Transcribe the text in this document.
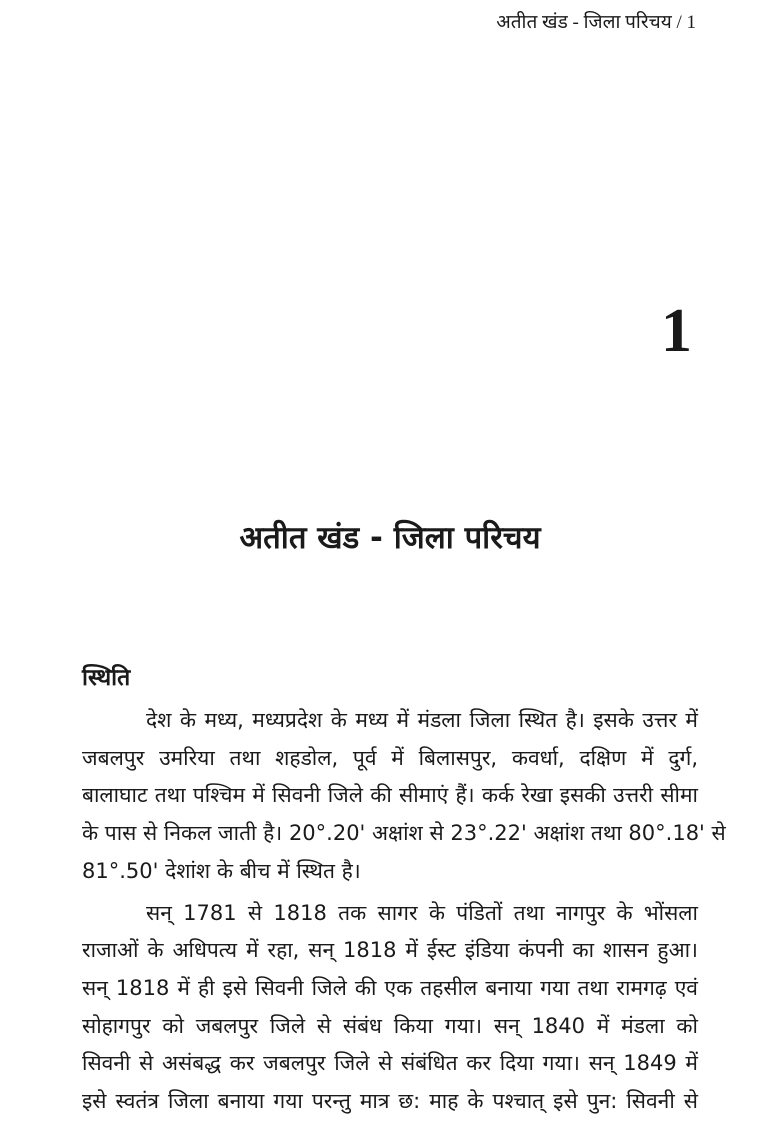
अतीत खंड - जिला परिचय / 1
1
अतीत खंड - जिला परिचय
स्थिति
देश के मध्य, मध्यप्रदेश के मध्य में मंडला जिला स्थित है। इसके उत्तर में
जबलपुर उमरिया तथा शहडोल, पूर्व में बिलासपुर, कवर्धा, दक्षिण में दुर्ग,
बालाघाट तथा पश्चिम में सिवनी जिले की सीमाएं हैं। कर्क रेखा इसकी उत्तरी सीमा
के पास से निकल जाती है। 20°.20' अक्षांश से 23°.22' अक्षांश तथा 80°.18' से
81°.50' देशांश के बीच में स्थित है।
सन् 1781 से 1818 तक सागर के पंडितों तथा नागपुर के भोंसला
राजाओं के अधिपत्य में रहा, सन् 1818 में ईस्ट इंडिया कंपनी का शासन हुआ।
सन् 1818 में ही इसे सिवनी जिले की एक तहसील बनाया गया तथा रामगढ़ एवं
सोहागपुर को जबलपुर जिले से संबंध किया गया। सन् 1840 में मंडला को
सिवनी से असंबद्ध कर जबलपुर जिले से संबंधित कर दिया गया। सन् 1849 में
इसे स्वतंत्र जिला बनाया गया परन्तु मात्र छ: माह के पश्चात् इसे पुन: सिवनी से
